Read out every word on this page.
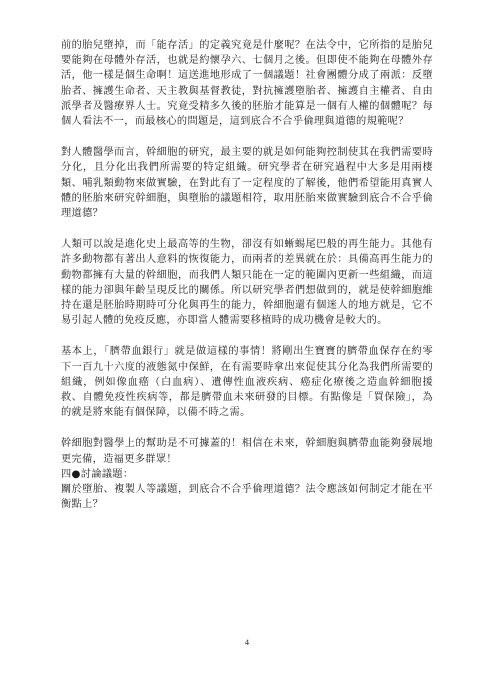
前的胎兒墮掉，而「能存活」的定義究竟是什麼呢？在法令中，它所指的是胎兒要能夠在母體外存活，也就是約懷孕六、七個月之後。但即使不能夠在母體外存活，他一樣是個生命啊！這送進地形成了一個議題！社會團體分成了兩派：反墮胎者、擁護生命者、天主教與基督教徒，對抗擁護墮胎者、擁護自主權者、自由派學者及醫療界人士。究竟受精多久後的胚胎才能算是一個有人權的個體呢？每個人看法不一，而最核心的問題是，這到底合不合乎倫理與道德的規範呢？

對人體醫學而言，幹細胞的研究，最主要的就是如何能夠控制使其在我們需要時分化，且分化出我們所需要的特定組織。研究學者在研究過程中大多是用兩棲類、哺乳類動物來做實驗，在對此有了一定程度的了解後，他們希望能用真實人體的胚胎來研究幹細胞，與墮胎的議題相符，取用胚胎來做實驗到底合不合乎倫理道德？

人類可以說是進化史上最高等的生物，卻沒有如蜥蜴尾巴般的再生能力。其他有許多動物都有著出人意料的恢復能力，而兩者的差異就在於：具備高再生能力的動物都擁有大量的幹細胞，而我們人類只能在一定的範圍內更新一些組織，而這樣的能力卻與年齡呈現反比的關係。所以研究學者們想做到的，就是使幹細胞維持在還是胚胎時期時可分化與再生的能力，幹細胞還有個迷人的地方就是，它不易引起人體的免疫反應，亦即當人體需要移植時的成功機會是較大的。

基本上，「臍帶血銀行」就是做這樣的事情！將剛出生寶寶的臍帶血保存在約零下一百九十六度的液態氮中保鮮，在有需要時拿出來促使其分化為我們所需要的組織，例如像血癌（白血病）、遺傳性血液疾病、癌症化療後之造血幹細胞援救、自體免疫性疾病等，都是臍帶血未來研發的目標。有點像是「買保險」，為的就是將來能有個保障，以備不時之需。

幹細胞對醫學上的幫助是不可據蓋的！相信在未來，幹細胞與臍帶血能夠發展地更完備，造福更多群眾！

四●討論議題：

關於墮胎、複製人等議題，到底合不合乎倫理道德？法令應該如何制定才能在平衡點上？

4
